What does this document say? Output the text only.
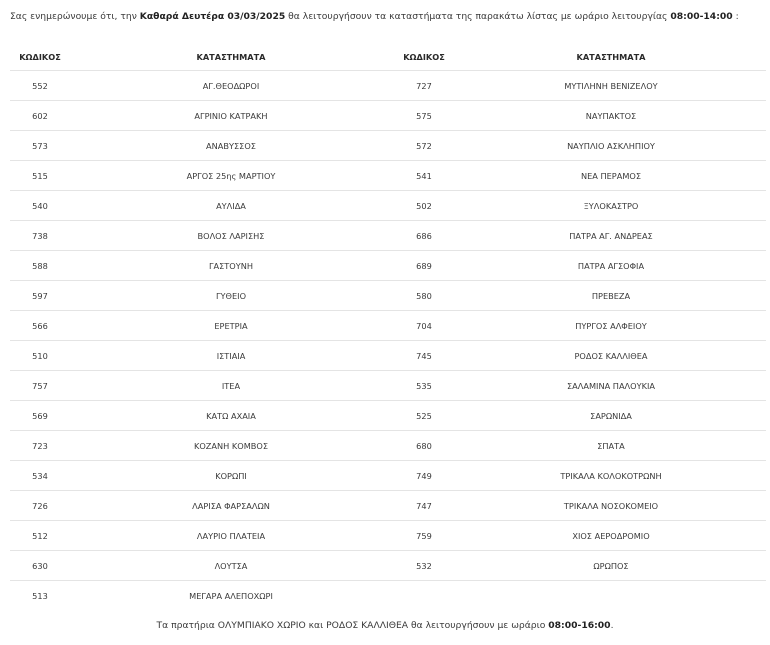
Σας ενημερώνουμε ότι, την Καθαρά Δευτέρα 03/03/2025 θα λειτουργήσουν τα καταστήματα της παρακάτω λίστας με ωράριο λειτουργίας 08:00-14:00 :
ΚΩΔΙΚΟΣ	ΚΑΤΑΣΤΗΜΑΤΑ	ΚΩΔΙΚΟΣ	ΚΑΤΑΣΤΗΜΑΤΑ
552	ΑΓ.ΘΕΟΔΩΡΟΙ	727	ΜΥΤΙΛΗΝΗ ΒΕΝΙΖΕΛΟΥ
602	ΑΓΡΙΝΙΟ ΚΑΤΡΑΚΗ	575	ΝΑΥΠΑΚΤΟΣ
573	ΑΝΑΒΥΣΣΟΣ	572	ΝΑΥΠΛΙΟ ΑΣΚΛΗΠΙΟΥ
515	ΑΡΓΟΣ 25ης ΜΑΡΤΙΟΥ	541	ΝΕΑ ΠΕΡΑΜΟΣ
540	ΑΥΛΙΔΑ	502	ΞΥΛΟΚΑΣΤΡΟ
738	ΒΟΛΟΣ ΛΑΡΙΣΗΣ	686	ΠΑΤΡΑ ΑΓ. ΑΝΔΡΕΑΣ
588	ΓΑΣΤΟΥΝΗ	689	ΠΑΤΡΑ ΑΓΣΟΦΙΑ
597	ΓΥΘΕΙΟ	580	ΠΡΕΒΕΖΑ
566	ΕΡΕΤΡΙΑ	704	ΠΥΡΓΟΣ ΑΛΦΕΙΟΥ
510	ΙΣΤΙΑΙΑ	745	ΡΟΔΟΣ ΚΑΛΛΙΘΕΑ
757	ΙΤΕΑ	535	ΣΑΛΑΜΙΝΑ ΠΑΛΟΥΚΙΑ
569	ΚΑΤΩ ΑΧΑΙΑ	525	ΣΑΡΩΝΙΔΑ
723	ΚΟΖΑΝΗ ΚΟΜΒΟΣ	680	ΣΠΑΤΑ
534	ΚΟΡΩΠΙ	749	ΤΡΙΚΑΛΑ ΚΟΛΟΚΟΤΡΩΝΗ
726	ΛΑΡΙΣΑ ΦΑΡΣΑΛΩΝ	747	ΤΡΙΚΑΛΑ ΝΟΣΟΚΟΜΕΙΟ
512	ΛΑΥΡΙΟ ΠΛΑΤΕΙΑ	759	ΧΙΟΣ ΑΕΡΟΔΡΟΜΙΟ
630	ΛΟΥΤΣΑ	532	ΩΡΩΠΟΣ
513	ΜΕΓΑΡΑ ΑΛΕΠΟΧΩΡΙ		
Τα πρατήρια ΟΛΥΜΠΙΑΚΟ ΧΩΡΙΟ και ΡΟΔΟΣ ΚΑΛΛΙΘΕΑ θα λειτουργήσουν με ωράριο 08:00-16:00.
